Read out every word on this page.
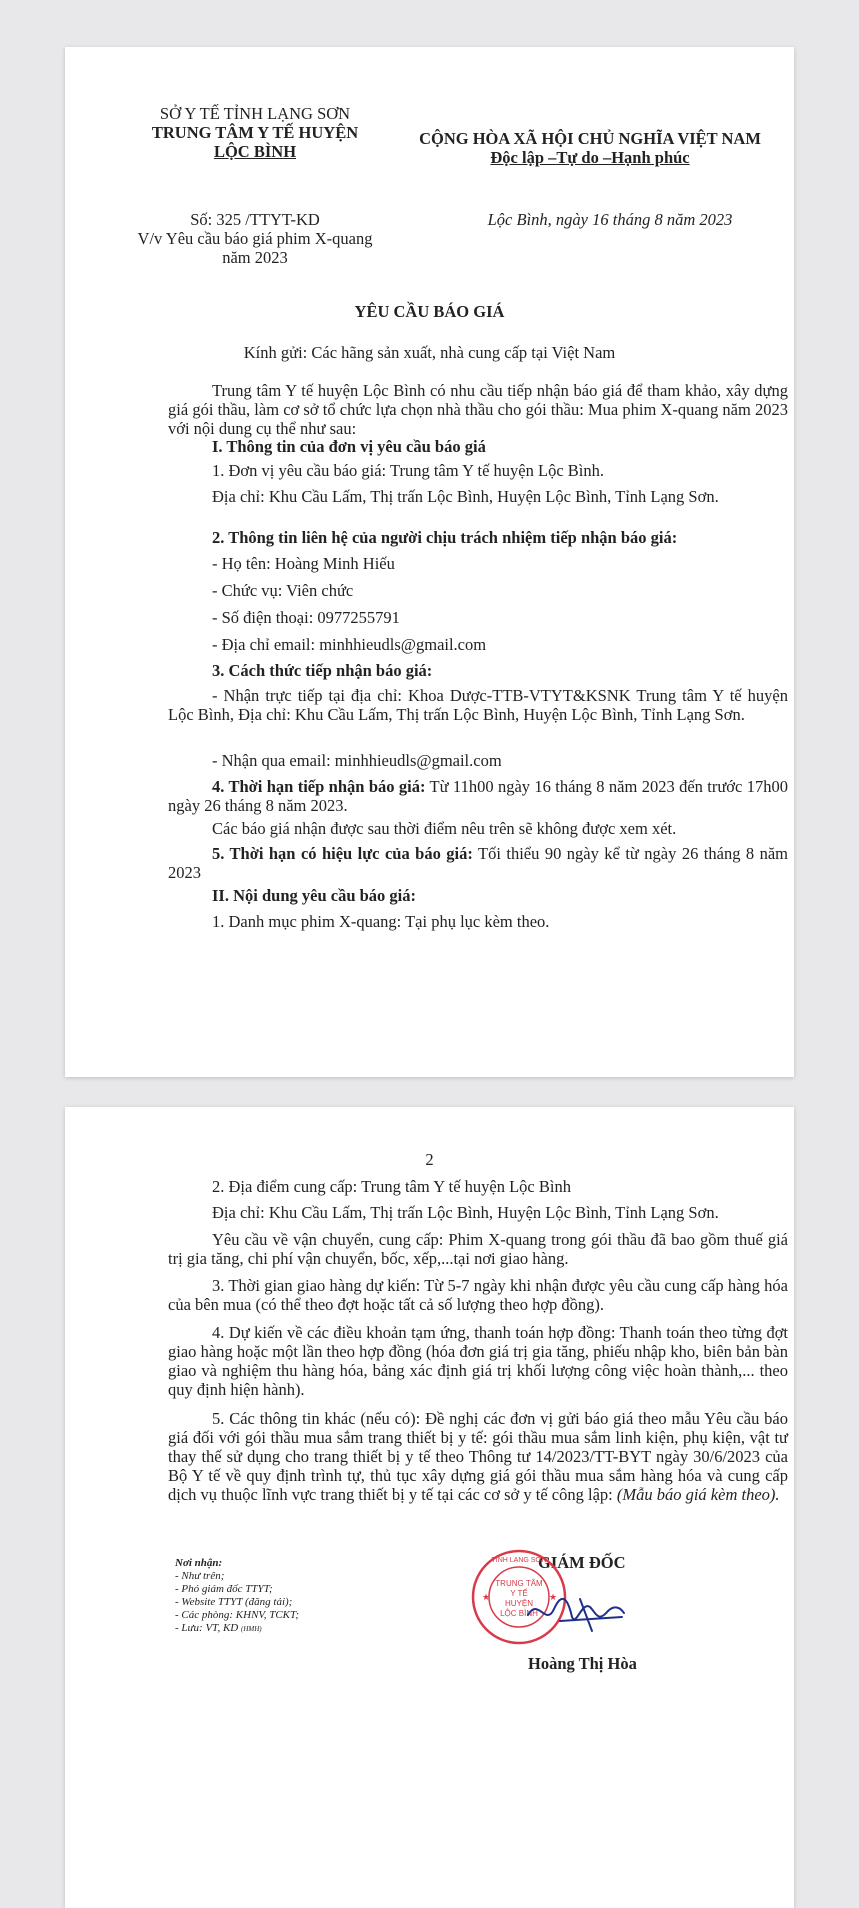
SỞ Y TẾ TỈNH LẠNG SƠN
TRUNG TÂM Y TẾ HUYỆN
LỘC BÌNH
Số: 325 /TTYT-KD
V/v Yêu cầu báo giá phim X-quang
năm 2023
CỘNG HÒA XÃ HỘI CHỦ NGHĨA VIỆT NAM
Độc lập –Tự do –Hạnh phúc
Lộc Bình, ngày 16 tháng 8 năm 2023
YÊU CẦU BÁO GIÁ
Kính gửi: Các hãng sản xuất, nhà cung cấp tại Việt Nam
Trung tâm Y tế huyện Lộc Bình có nhu cầu tiếp nhận báo giá để tham khảo, xây dựng giá gói thầu, làm cơ sở tổ chức lựa chọn nhà thầu cho gói thầu: Mua phim X-quang năm 2023 với nội dung cụ thể như sau:
I. Thông tin của đơn vị yêu cầu báo giá
1. Đơn vị yêu cầu báo giá: Trung tâm Y tế huyện Lộc Bình.
Địa chỉ: Khu Cầu Lấm, Thị trấn Lộc Bình, Huyện Lộc Bình, Tỉnh Lạng Sơn.
2. Thông tin liên hệ của người chịu trách nhiệm tiếp nhận báo giá:
- Họ tên: Hoàng Minh Hiếu
- Chức vụ: Viên chức
- Số điện thoại: 0977255791
- Địa chỉ email: minhhieudls@gmail.com
3. Cách thức tiếp nhận báo giá:
- Nhận trực tiếp tại địa chỉ: Khoa Dược-TTB-VTYT&KSNK Trung tâm Y tế huyện Lộc Bình, Địa chỉ: Khu Cầu Lấm, Thị trấn Lộc Bình, Huyện Lộc Bình, Tỉnh Lạng Sơn.
- Nhận qua email: minhhieudls@gmail.com
4. Thời hạn tiếp nhận báo giá: Từ 11h00 ngày 16 tháng 8 năm 2023 đến trước 17h00 ngày 26 tháng 8 năm 2023.
Các báo giá nhận được sau thời điểm nêu trên sẽ không được xem xét.
5. Thời hạn có hiệu lực của báo giá: Tối thiểu 90 ngày kể từ ngày 26 tháng 8 năm 2023
II. Nội dung yêu cầu báo giá:
1. Danh mục phim X-quang: Tại phụ lục kèm theo.
2
2. Địa điểm cung cấp: Trung tâm Y tế huyện Lộc Bình
Địa chỉ: Khu Cầu Lấm, Thị trấn Lộc Bình, Huyện Lộc Bình, Tỉnh Lạng Sơn.
Yêu cầu về vận chuyển, cung cấp: Phim X-quang trong gói thầu đã bao gồm thuế giá trị gia tăng, chi phí vận chuyển, bốc, xếp,...tại nơi giao hàng.
3. Thời gian giao hàng dự kiến: Từ 5-7 ngày khi nhận được yêu cầu cung cấp hàng hóa của bên mua (có thể theo đợt hoặc tất cả số lượng theo hợp đồng).
4. Dự kiến về các điều khoản tạm ứng, thanh toán hợp đồng: Thanh toán theo từng đợt giao hàng hoặc một lần theo hợp đồng (hóa đơn giá trị gia tăng, phiếu nhập kho, biên bản bàn giao và nghiệm thu hàng hóa, bảng xác định giá trị khối lượng công việc hoàn thành,... theo quy định hiện hành).
5. Các thông tin khác (nếu có): Đề nghị các đơn vị gửi báo giá theo mẫu Yêu cầu báo giá đối với gói thầu mua sắm trang thiết bị y tế: gói thầu mua sắm linh kiện, phụ kiện, vật tư thay thế sử dụng cho trang thiết bị y tế theo Thông tư 14/2023/TT-BYT ngày 30/6/2023 của Bộ Y tế về quy định trình tự, thủ tục xây dựng giá gói thầu mua sắm hàng hóa và cung cấp dịch vụ thuộc lĩnh vực trang thiết bị y tế tại các cơ sở y tế công lập: (Mẫu báo giá kèm theo).
Nơi nhận:
- Như trên;
- Phó giám đốc TTYT;
- Website TTYT (đăng tải);
- Các phòng: KHNV, TCKT;
- Lưu: VT, KD (HMH)
GIÁM ĐỐC
TỈNH LẠNG SƠN
TRUNG TÂM
Y TẾ
HUYỆN
LỘC BÌNH
★	★
Hoàng Thị Hòa
